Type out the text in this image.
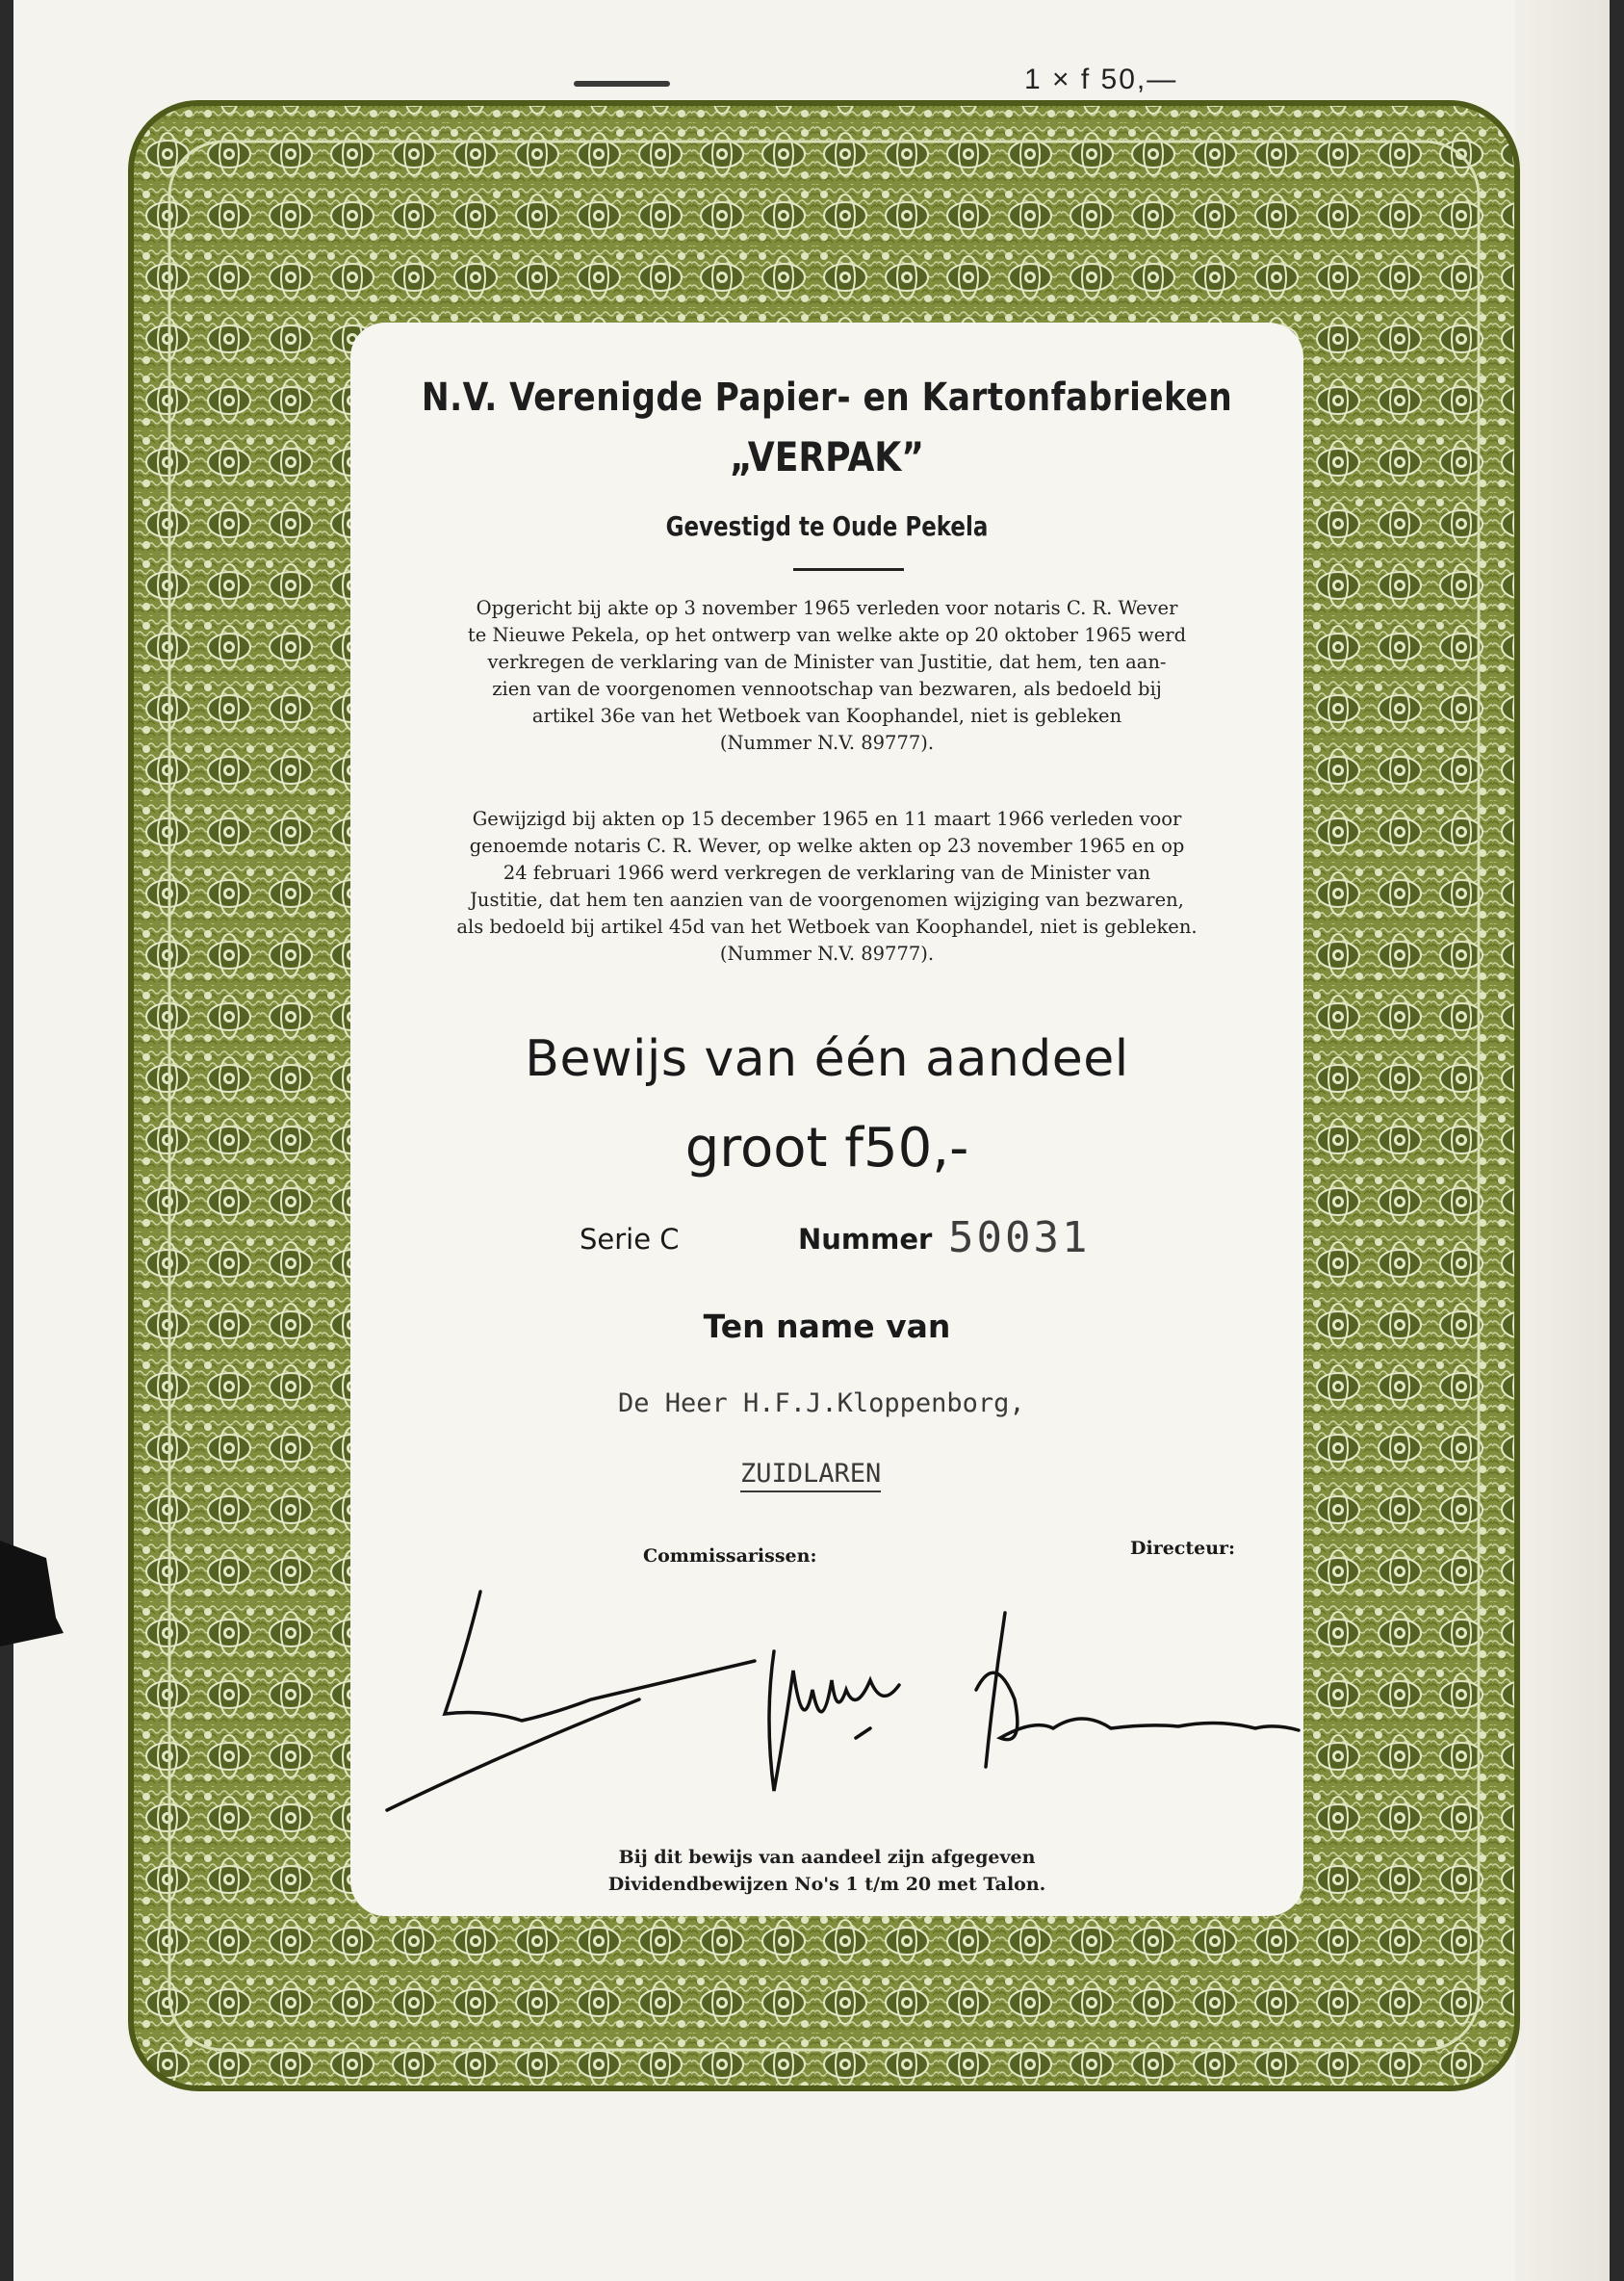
1 × f 50,—
N.V. Verenigde Papier- en Kartonfabrieken
„VERPAK”
Gevestigd te Oude Pekela
Opgericht bij akte op 3 november 1965 verleden voor notaris C. R. Wever
te Nieuwe Pekela, op het ontwerp van welke akte op 20 oktober 1965 werd
verkregen de verklaring van de Minister van Justitie, dat hem, ten aan-
zien van de voorgenomen vennootschap van bezwaren, als bedoeld bij
artikel 36e van het Wetboek van Koophandel, niet is gebleken
(Nummer N.V. 89777).
Gewijzigd bij akten op 15 december 1965 en 11 maart 1966 verleden voor
genoemde notaris C. R. Wever, op welke akten op 23 november 1965 en op
24 februari 1966 werd verkregen de verklaring van de Minister van
Justitie, dat hem ten aanzien van de voorgenomen wijziging van bezwaren,
als bedoeld bij artikel 45d van het Wetboek van Koophandel, niet is gebleken.
(Nummer N.V. 89777).
Bewijs van één aandeel
groot f50,-
Serie C	Nummer 50031
Ten name van
De Heer H.F.J.Kloppenborg,
ZUIDLAREN
Commissarissen:	Directeur:
Bij dit bewijs van aandeel zijn afgegeven
Dividendbewijzen No's 1 t/m 20 met Talon.
